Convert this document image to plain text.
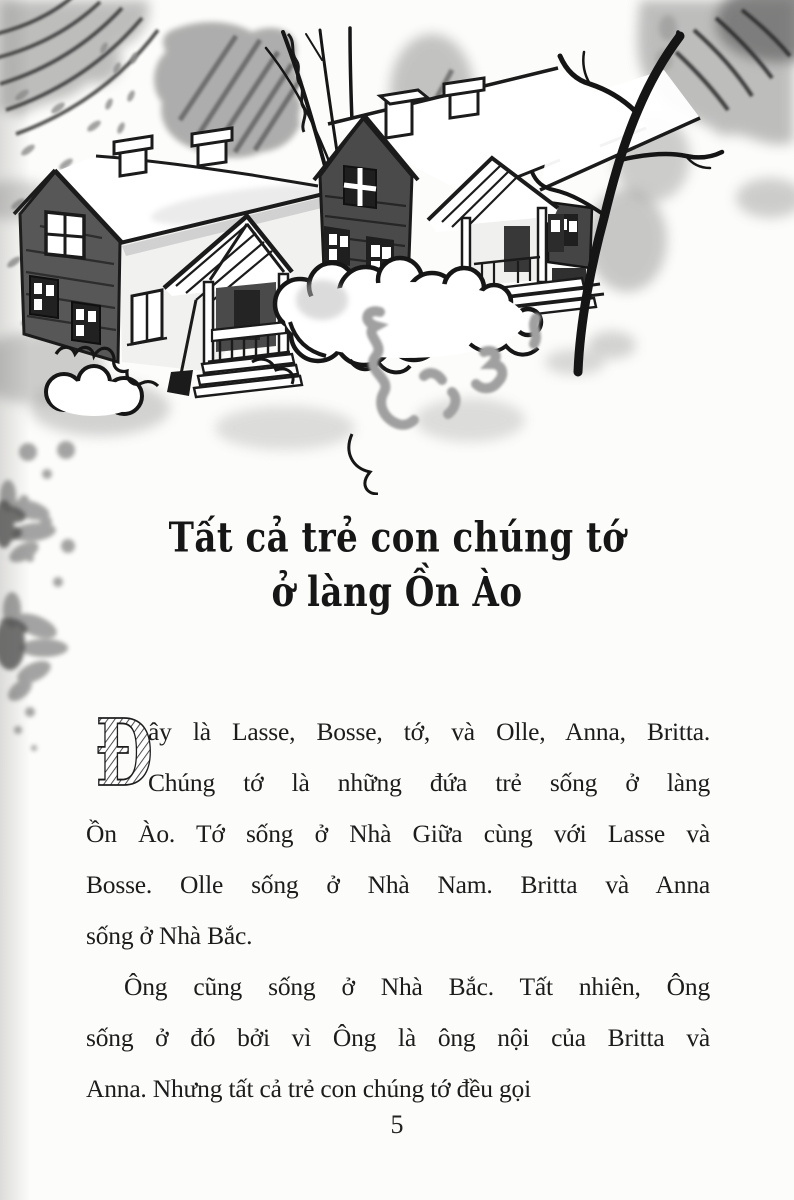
Tất cả trẻ con chúng tớ
ở làng Ồn Ào
Đ
ây là Lasse, Bosse, tớ, và Olle, Anna, Britta.
Chúng tớ là những đứa trẻ sống ở làng
Ồn Ào. Tớ sống ở Nhà Giữa cùng với Lasse và
Bosse. Olle sống ở Nhà Nam. Britta và Anna
sống ở Nhà Bắc.
Ông cũng sống ở Nhà Bắc. Tất nhiên, Ông
sống ở đó bởi vì Ông là ông nội của Britta và
Anna. Nhưng tất cả trẻ con chúng tớ đều gọi
5
